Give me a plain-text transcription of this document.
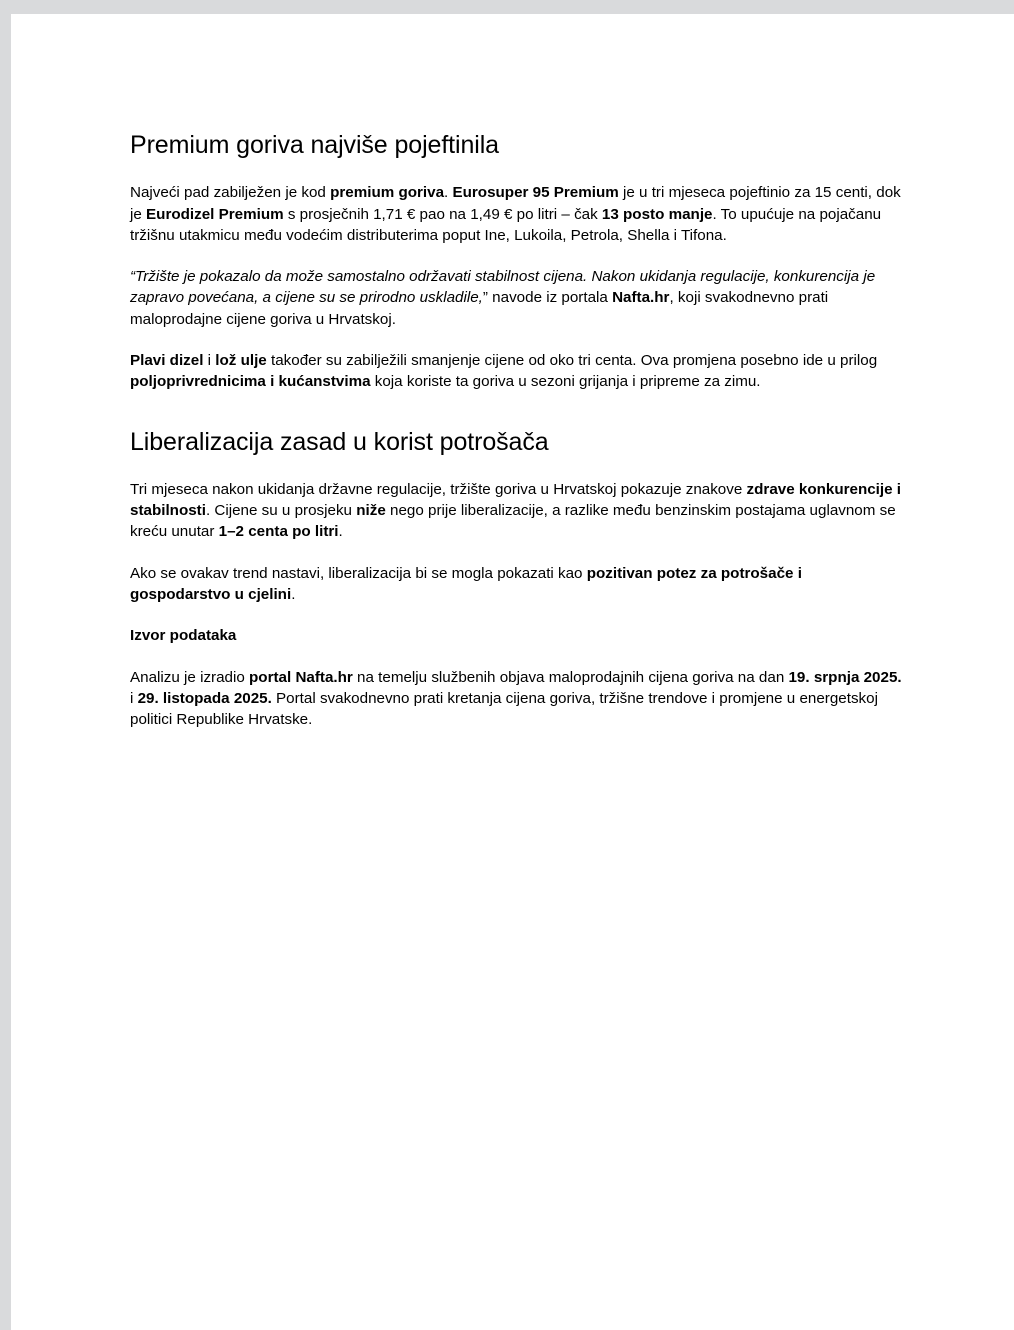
Premium goriva najviše pojeftinila

Najveći pad zabilježen je kod premium goriva. Eurosuper 95 Premium je u tri mjeseca pojeftinio za 15 centi, dok je Eurodizel Premium s prosječnih 1,71 € pao na 1,49 € po litri – čak 13 posto manje. To upućuje na pojačanu tržišnu utakmicu među vodećim distributerima poput Ine, Lukoila, Petrola, Shella i Tifona.

“Tržište je pokazalo da može samostalno održavati stabilnost cijena. Nakon ukidanja regulacije, konkurencija je zapravo povećana, a cijene su se prirodno uskladile,” navode iz portala Nafta.hr, koji svakodnevno prati maloprodajne cijene goriva u Hrvatskoj.

Plavi dizel i lož ulje također su zabilježili smanjenje cijene od oko tri centa. Ova promjena posebno ide u prilog poljoprivrednicima i kućanstvima koja koriste ta goriva u sezoni grijanja i pripreme za zimu.

Liberalizacija zasad u korist potrošača

Tri mjeseca nakon ukidanja državne regulacije, tržište goriva u Hrvatskoj pokazuje znakove zdrave konkurencije i stabilnosti. Cijene su u prosjeku niže nego prije liberalizacije, a razlike među benzinskim postajama uglavnom se kreću unutar 1–2 centa po litri.

Ako se ovakav trend nastavi, liberalizacija bi se mogla pokazati kao pozitivan potez za potrošače i gospodarstvo u cjelini.

Izvor podataka

Analizu je izradio portal Nafta.hr na temelju službenih objava maloprodajnih cijena goriva na dan 19. srpnja 2025. i 29. listopada 2025. Portal svakodnevno prati kretanja cijena goriva, tržišne trendove i promjene u energetskoj politici Republike Hrvatske.
